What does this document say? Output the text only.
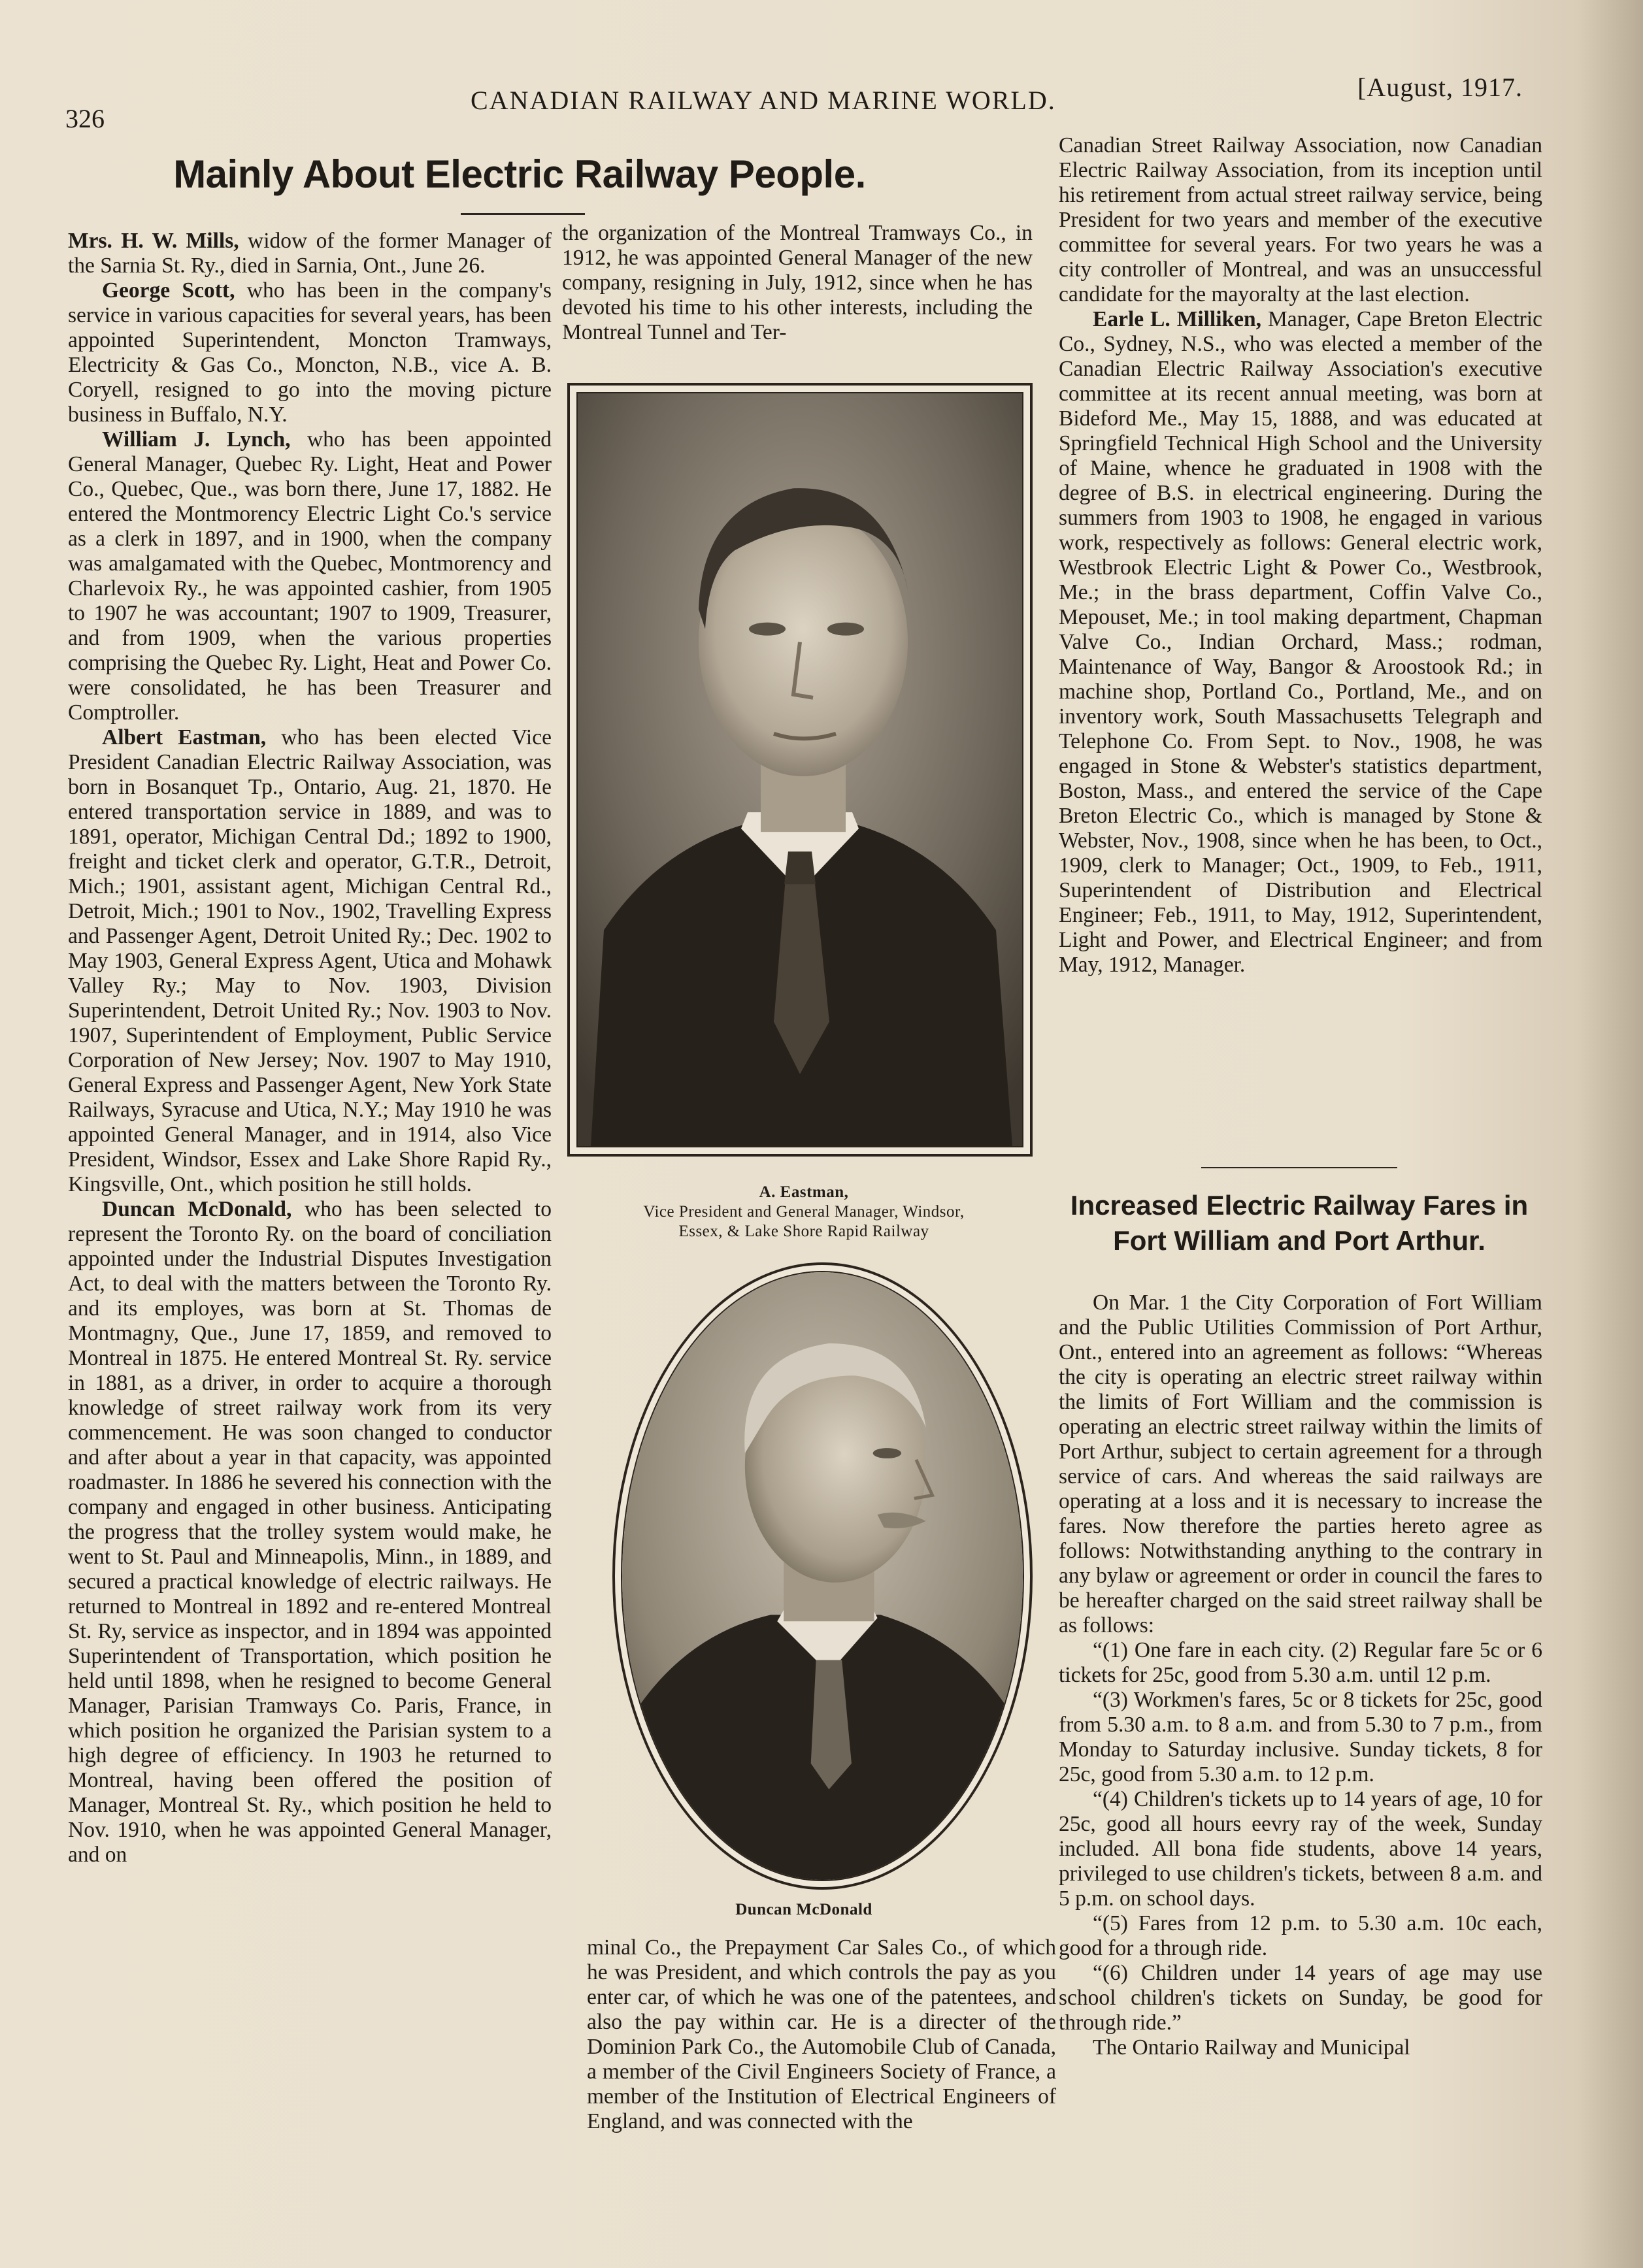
326
CANADIAN RAILWAY AND MARINE WORLD.	[August, 1917.
Mainly About Electric Railway People.

Mrs. H. W. Mills, widow of the former Manager of the Sarnia St. Ry., died in Sarnia, Ont., June 26.

George Scott, who has been in the company's service in various capacities for several years, has been appointed Superintendent, Moncton Tramways, Electricity & Gas Co., Moncton, N.B., vice A. B. Coryell, resigned to go into the moving picture business in Buffalo, N.Y.

William J. Lynch, who has been appointed General Manager, Quebec Ry. Light, Heat and Power Co., Quebec, Que., was born there, June 17, 1882. He entered the Montmorency Electric Light Co.'s service as a clerk in 1897, and in 1900, when the company was amalgamated with the Quebec, Montmorency and Charlevoix Ry., he was appointed cashier, from 1905 to 1907 he was accountant; 1907 to 1909, Treasurer, and from 1909, when the various properties comprising the Quebec Ry. Light, Heat and Power Co. were consolidated, he has been Treasurer and Comptroller.

Albert Eastman, who has been elected Vice President Canadian Electric Railway Association, was born in Bosanquet Tp., Ontario, Aug. 21, 1870. He entered transportation service in 1889, and was to 1891, operator, Michigan Central Dd.; 1892 to 1900, freight and ticket clerk and operator, G.T.R., Detroit, Mich.; 1901, assistant agent, Michigan Central Rd., Detroit, Mich.; 1901 to Nov., 1902, Travelling Express and Passenger Agent, Detroit United Ry.; Dec. 1902 to May 1903, General Express Agent, Utica and Mohawk Valley Ry.; May to Nov. 1903, Division Superintendent, Detroit United Ry.; Nov. 1903 to Nov. 1907, Superintendent of Employment, Public Service Corporation of New Jersey; Nov. 1907 to May 1910, General Express and Passenger Agent, New York State Railways, Syracuse and Utica, N.Y.; May 1910 he was appointed General Manager, and in 1914, also Vice President, Windsor, Essex and Lake Shore Rapid Ry., Kingsville, Ont., which position he still holds.

Duncan McDonald, who has been selected to represent the Toronto Ry. on the board of conciliation appointed under the Industrial Disputes Investigation Act, to deal with the matters between the Toronto Ry. and its employes, was born at St. Thomas de Montmagny, Que., June 17, 1859, and removed to Montreal in 1875. He entered Montreal St. Ry. service in 1881, as a driver, in order to acquire a thorough knowledge of street railway work from its very commencement. He was soon changed to conductor and after about a year in that capacity, was appointed roadmaster. In 1886 he severed his connection with the company and engaged in other business. Anticipating the progress that the trolley system would make, he went to St. Paul and Minneapolis, Minn., in 1889, and secured a practical knowledge of electric railways. He returned to Montreal in 1892 and re-entered Montreal St. Ry, service as inspector, and in 1894 was appointed Superintendent of Transportation, which position he held until 1898, when he resigned to become General Manager, Parisian Tramways Co. Paris, France, in which position he organized the Parisian system to a high degree of efficiency. In 1903 he returned to Montreal, having been offered the position of Manager, Montreal St. Ry., which position he held to Nov. 1910, when he was appointed General Manager, and on

the organization of the Montreal Tramways Co., in 1912, he was appointed General Manager of the new company, resigning in July, 1912, since when he has devoted his time to his other interests, including the Montreal Tunnel and Ter-

A. Eastman,
Vice President and General Manager, Windsor,
Essex, & Lake Shore Rapid Railway
Duncan McDonald

minal Co., the Prepayment Car Sales Co., of which he was President, and which controls the pay as you enter car, of which he was one of the patentees, and also the pay within car. He is a directer of the Dominion Park Co., the Automobile Club of Canada, a member of the Civil Engineers Society of France, a member of the Institution of Electrical Engineers of England, and was connected with the

Canadian Street Railway Association, now Canadian Electric Railway Association, from its inception until his retirement from actual street railway service, being President for two years and member of the executive committee for several years. For two years he was a city controller of Montreal, and was an unsuccessful candidate for the mayoralty at the last election.

Earle L. Milliken, Manager, Cape Breton Electric Co., Sydney, N.S., who was elected a member of the Canadian Electric Railway Association's executive committee at its recent annual meeting, was born at Bideford Me., May 15, 1888, and was educated at Springfield Technical High School and the University of Maine, whence he graduated in 1908 with the degree of B.S. in electrical engineering. During the summers from 1903 to 1908, he engaged in various work, respectively as follows: General electric work, Westbrook Electric Light & Power Co., Westbrook, Me.; in the brass department, Coffin Valve Co., Mepouset, Me.; in tool making department, Chapman Valve Co., Indian Orchard, Mass.; rodman, Maintenance of Way, Bangor & Aroostook Rd.; in machine shop, Portland Co., Portland, Me., and on inventory work, South Massachusetts Telegraph and Telephone Co. From Sept. to Nov., 1908, he was engaged in Stone & Webster's statistics department, Boston, Mass., and entered the service of the Cape Breton Electric Co., which is managed by Stone & Webster, Nov., 1908, since when he has been, to Oct., 1909, clerk to Manager; Oct., 1909, to Feb., 1911, Superintendent of Distribution and Electrical Engineer; Feb., 1911, to May, 1912, Superintendent, Light and Power, and Electrical Engineer; and from May, 1912, Manager.

Increased Electric Railway Fares in
Fort William and Port Arthur.

On Mar. 1 the City Corporation of Fort William and the Public Utilities Commission of Port Arthur, Ont., entered into an agreement as follows: “Whereas the city is operating an electric street railway within the limits of Fort William and the commission is operating an electric street railway within the limits of Port Arthur, subject to certain agreement for a through service of cars. And whereas the said railways are operating at a loss and it is necessary to increase the fares. Now therefore the parties hereto agree as follows: Notwithstanding anything to the contrary in any bylaw or agreement or order in council the fares to be hereafter charged on the said street railway shall be as follows:

“(1) One fare in each city. (2) Regular fare 5c or 6 tickets for 25c, good from 5.30 a.m. until 12 p.m.

“(3) Workmen's fares, 5c or 8 tickets for 25c, good from 5.30 a.m. to 8 a.m. and from 5.30 to 7 p.m., from Monday to Saturday inclusive. Sunday tickets, 8 for 25c, good from 5.30 a.m. to 12 p.m.

“(4) Children's tickets up to 14 years of age, 10 for 25c, good all hours eevry ray of the week, Sunday included. All bona fide students, above 14 years, privileged to use children's tickets, between 8 a.m. and 5 p.m. on school days.

“(5) Fares from 12 p.m. to 5.30 a.m. 10c each, good for a through ride.

“(6) Children under 14 years of age may use school children's tickets on Sunday, be good for through ride.”

The Ontario Railway and Municipal
